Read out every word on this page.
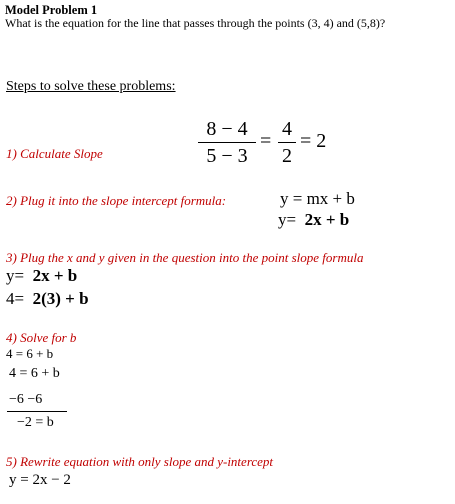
Model Problem 1
What is the equation for the line that passes through the points (3, 4) and (5,8)?
Steps to solve these problems:
1) Calculate Slope
8 − 4
5 − 3
=
4
2
= 2
2) Plug it into the slope intercept formula:	y = mx + b
y= 2x + b
3) Plug the x and y given in the question into the point slope formula
y= 2x + b
4= 2(3) + b
4) Solve for b
4 = 6 + b
4 = 6 + b
−6 −6
−2 = b
5) Rewrite equation with only slope and y-intercept
y = 2x − 2
